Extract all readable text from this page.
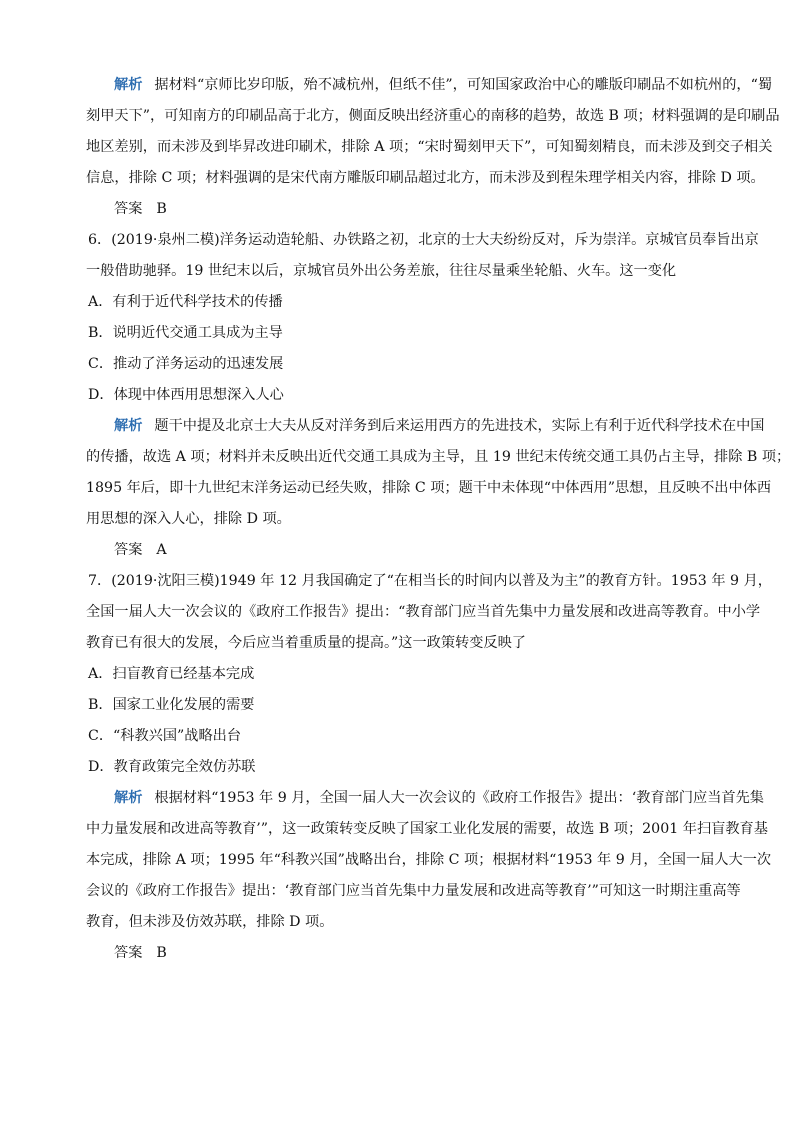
解析 据材料“京师比岁印版，殆不减杭州，但纸不佳”，可知国家政治中心的雕版印刷品不如杭州的，“蜀
刻甲天下”，可知南方的印刷品高于北方，侧面反映出经济重心的南移的趋势，故选 B 项；材料强调的是印刷品
地区差别，而未涉及到毕昇改进印刷术，排除 A 项；“宋时蜀刻甲天下”，可知蜀刻精良，而未涉及到交子相关
信息，排除 C 项；材料强调的是宋代南方雕版印刷品超过北方，而未涉及到程朱理学相关内容，排除 D 项。
答案 B
6．(2019·泉州二模)洋务运动造轮船、办铁路之初，北京的士大夫纷纷反对，斥为崇洋。京城官员奉旨出京
一般借助驰驿。19 世纪末以后，京城官员外出公务差旅，往往尽量乘坐轮船、火车。这一变化
A．有利于近代科学技术的传播
B．说明近代交通工具成为主导
C．推动了洋务运动的迅速发展
D．体现中体西用思想深入人心
解析 题干中提及北京士大夫从反对洋务到后来运用西方的先进技术，实际上有利于近代科学技术在中国
的传播，故选 A 项；材料并未反映出近代交通工具成为主导，且 19 世纪末传统交通工具仍占主导，排除 B 项；
1895 年后，即十九世纪末洋务运动已经失败，排除 C 项；题干中未体现“中体西用”思想，且反映不出中体西
用思想的深入人心，排除 D 项。
答案 A
7．(2019·沈阳三模)1949 年 12 月我国确定了“在相当长的时间内以普及为主”的教育方针。1953 年 9 月，
全国一届人大一次会议的《政府工作报告》提出：“教育部门应当首先集中力量发展和改进高等教育。中小学
教育已有很大的发展，今后应当着重质量的提高。”这一政策转变反映了
A．扫盲教育已经基本完成
B．国家工业化发展的需要
C．“科教兴国”战略出台
D．教育政策完全效仿苏联
解析 根据材料“1953 年 9 月，全国一届人大一次会议的《政府工作报告》提出：‘教育部门应当首先集
中力量发展和改进高等教育’”，这一政策转变反映了国家工业化发展的需要，故选 B 项；2001 年扫盲教育基
本完成，排除 A 项；1995 年“科教兴国”战略出台，排除 C 项；根据材料“1953 年 9 月，全国一届人大一次
会议的《政府工作报告》提出：‘教育部门应当首先集中力量发展和改进高等教育’”可知这一时期注重高等
教育，但未涉及仿效苏联，排除 D 项。
答案 B
